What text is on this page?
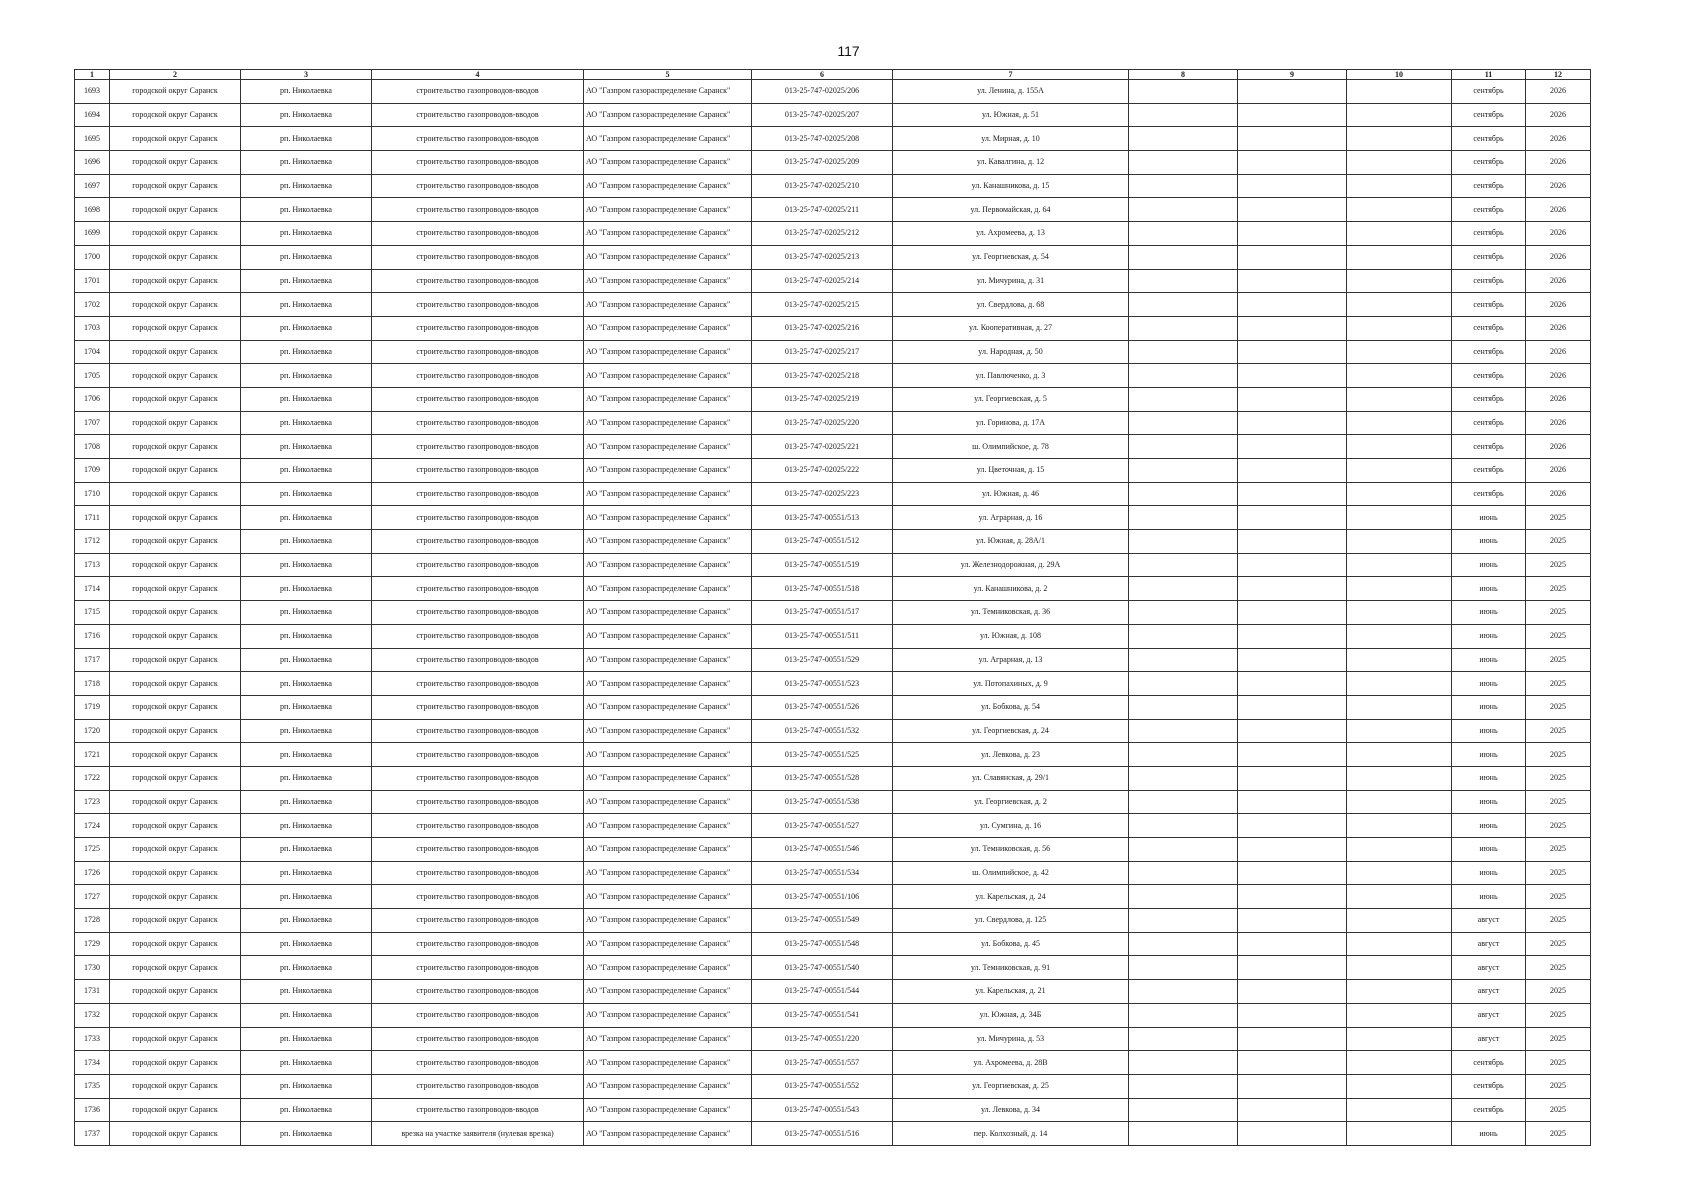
117
1	2	3	4	5	6	7	8	9	10	11	12
1693	городской округ Саранск	рп. Николаевка	строительство газопроводов-вводов	АО "Газпром газораспределение Саранск"	013-25-747-02025/206	ул. Ленина, д. 155А				сентябрь	2026
1694	городской округ Саранск	рп. Николаевка	строительство газопроводов-вводов	АО "Газпром газораспределение Саранск"	013-25-747-02025/207	ул. Южная, д. 51				сентябрь	2026
1695	городской округ Саранск	рп. Николаевка	строительство газопроводов-вводов	АО "Газпром газораспределение Саранск"	013-25-747-02025/208	ул. Мирная, д. 10				сентябрь	2026
1696	городской округ Саранск	рп. Николаевка	строительство газопроводов-вводов	АО "Газпром газораспределение Саранск"	013-25-747-02025/209	ул. Кавалгина, д. 12				сентябрь	2026
1697	городской округ Саранск	рп. Николаевка	строительство газопроводов-вводов	АО "Газпром газораспределение Саранск"	013-25-747-02025/210	ул. Канашникова, д. 15				сентябрь	2026
1698	городской округ Саранск	рп. Николаевка	строительство газопроводов-вводов	АО "Газпром газораспределение Саранск"	013-25-747-02025/211	ул. Первомайская, д. 64				сентябрь	2026
1699	городской округ Саранск	рп. Николаевка	строительство газопроводов-вводов	АО "Газпром газораспределение Саранск"	013-25-747-02025/212	ул. Ахромеева, д. 13				сентябрь	2026
1700	городской округ Саранск	рп. Николаевка	строительство газопроводов-вводов	АО "Газпром газораспределение Саранск"	013-25-747-02025/213	ул. Георгиевская, д. 54				сентябрь	2026
1701	городской округ Саранск	рп. Николаевка	строительство газопроводов-вводов	АО "Газпром газораспределение Саранск"	013-25-747-02025/214	ул. Мичурина, д. 31				сентябрь	2026
1702	городской округ Саранск	рп. Николаевка	строительство газопроводов-вводов	АО "Газпром газораспределение Саранск"	013-25-747-02025/215	ул. Свердлова, д. 68				сентябрь	2026
1703	городской округ Саранск	рп. Николаевка	строительство газопроводов-вводов	АО "Газпром газораспределение Саранск"	013-25-747-02025/216	ул. Кооперативная, д. 27				сентябрь	2026
1704	городской округ Саранск	рп. Николаевка	строительство газопроводов-вводов	АО "Газпром газораспределение Саранск"	013-25-747-02025/217	ул. Народная, д. 50				сентябрь	2026
1705	городской округ Саранск	рп. Николаевка	строительство газопроводов-вводов	АО "Газпром газораспределение Саранск"	013-25-747-02025/218	ул. Павлюченко, д. 3				сентябрь	2026
1706	городской округ Саранск	рп. Николаевка	строительство газопроводов-вводов	АО "Газпром газораспределение Саранск"	013-25-747-02025/219	ул. Георгиевская, д. 5				сентябрь	2026
1707	городской округ Саранск	рп. Николаевка	строительство газопроводов-вводов	АО "Газпром газораспределение Саранск"	013-25-747-02025/220	ул. Горинова, д. 17А				сентябрь	2026
1708	городской округ Саранск	рп. Николаевка	строительство газопроводов-вводов	АО "Газпром газораспределение Саранск"	013-25-747-02025/221	ш. Олимпийское, д. 78				сентябрь	2026
1709	городской округ Саранск	рп. Николаевка	строительство газопроводов-вводов	АО "Газпром газораспределение Саранск"	013-25-747-02025/222	ул. Цветочная, д. 15				сентябрь	2026
1710	городской округ Саранск	рп. Николаевка	строительство газопроводов-вводов	АО "Газпром газораспределение Саранск"	013-25-747-02025/223	ул. Южная, д. 46				сентябрь	2026
1711	городской округ Саранск	рп. Николаевка	строительство газопроводов-вводов	АО "Газпром газораспределение Саранск"	013-25-747-00551/513	ул. Аграрная, д. 16				июнь	2025
1712	городской округ Саранск	рп. Николаевка	строительство газопроводов-вводов	АО "Газпром газораспределение Саранск"	013-25-747-00551/512	ул. Южная, д. 28А/1				июнь	2025
1713	городской округ Саранск	рп. Николаевка	строительство газопроводов-вводов	АО "Газпром газораспределение Саранск"	013-25-747-00551/519	ул. Железнодорожная, д. 29А				июнь	2025
1714	городской округ Саранск	рп. Николаевка	строительство газопроводов-вводов	АО "Газпром газораспределение Саранск"	013-25-747-00551/518	ул. Канашникова, д. 2				июнь	2025
1715	городской округ Саранск	рп. Николаевка	строительство газопроводов-вводов	АО "Газпром газораспределение Саранск"	013-25-747-00551/517	ул. Темниковская, д. 36				июнь	2025
1716	городской округ Саранск	рп. Николаевка	строительство газопроводов-вводов	АО "Газпром газораспределение Саранск"	013-25-747-00551/511	ул. Южная, д. 108				июнь	2025
1717	городской округ Саранск	рп. Николаевка	строительство газопроводов-вводов	АО "Газпром газораспределение Саранск"	013-25-747-00551/529	ул. Аграрная, д. 13				июнь	2025
1718	городской округ Саранск	рп. Николаевка	строительство газопроводов-вводов	АО "Газпром газораспределение Саранск"	013-25-747-00551/523	ул. Потопахиных, д. 9				июнь	2025
1719	городской округ Саранск	рп. Николаевка	строительство газопроводов-вводов	АО "Газпром газораспределение Саранск"	013-25-747-00551/526	ул. Бобкова, д. 54				июнь	2025
1720	городской округ Саранск	рп. Николаевка	строительство газопроводов-вводов	АО "Газпром газораспределение Саранск"	013-25-747-00551/532	ул. Георгиевская, д. 24				июнь	2025
1721	городской округ Саранск	рп. Николаевка	строительство газопроводов-вводов	АО "Газпром газораспределение Саранск"	013-25-747-00551/525	ул. Левкова, д. 23				июнь	2025
1722	городской округ Саранск	рп. Николаевка	строительство газопроводов-вводов	АО "Газпром газораспределение Саранск"	013-25-747-00551/528	ул. Славянская, д. 29/1				июнь	2025
1723	городской округ Саранск	рп. Николаевка	строительство газопроводов-вводов	АО "Газпром газораспределение Саранск"	013-25-747-00551/538	ул. Георгиевская, д. 2				июнь	2025
1724	городской округ Саранск	рп. Николаевка	строительство газопроводов-вводов	АО "Газпром газораспределение Саранск"	013-25-747-00551/527	ул. Сумгина, д. 16				июнь	2025
1725	городской округ Саранск	рп. Николаевка	строительство газопроводов-вводов	АО "Газпром газораспределение Саранск"	013-25-747-00551/546	ул. Темниковская, д. 56				июнь	2025
1726	городской округ Саранск	рп. Николаевка	строительство газопроводов-вводов	АО "Газпром газораспределение Саранск"	013-25-747-00551/534	ш. Олимпийское, д. 42				июнь	2025
1727	городской округ Саранск	рп. Николаевка	строительство газопроводов-вводов	АО "Газпром газораспределение Саранск"	013-25-747-00551/106	ул. Карельская, д. 24				июнь	2025
1728	городской округ Саранск	рп. Николаевка	строительство газопроводов-вводов	АО "Газпром газораспределение Саранск"	013-25-747-00551/549	ул. Свердлова, д. 125				август	2025
1729	городской округ Саранск	рп. Николаевка	строительство газопроводов-вводов	АО "Газпром газораспределение Саранск"	013-25-747-00551/548	ул. Бобкова, д. 45				август	2025
1730	городской округ Саранск	рп. Николаевка	строительство газопроводов-вводов	АО "Газпром газораспределение Саранск"	013-25-747-00551/540	ул. Темниковская, д. 91				август	2025
1731	городской округ Саранск	рп. Николаевка	строительство газопроводов-вводов	АО "Газпром газораспределение Саранск"	013-25-747-00551/544	ул. Карельская, д. 21				август	2025
1732	городской округ Саранск	рп. Николаевка	строительство газопроводов-вводов	АО "Газпром газораспределение Саранск"	013-25-747-00551/541	ул. Южная, д. 34Б				август	2025
1733	городской округ Саранск	рп. Николаевка	строительство газопроводов-вводов	АО "Газпром газораспределение Саранск"	013-25-747-00551/220	ул. Мичурина, д. 53				август	2025
1734	городской округ Саранск	рп. Николаевка	строительство газопроводов-вводов	АО "Газпром газораспределение Саранск"	013-25-747-00551/557	ул. Ахромеева, д. 28В				сентябрь	2025
1735	городской округ Саранск	рп. Николаевка	строительство газопроводов-вводов	АО "Газпром газораспределение Саранск"	013-25-747-00551/552	ул. Георгиевская, д. 25				сентябрь	2025
1736	городской округ Саранск	рп. Николаевка	строительство газопроводов-вводов	АО "Газпром газораспределение Саранск"	013-25-747-00551/543	ул. Левкова, д. 34				сентябрь	2025
1737	городской округ Саранск	рп. Николаевка	врезка на участке заявителя (нулевая врезка)	АО "Газпром газораспределение Саранск"	013-25-747-00551/516	пер. Колхозный, д. 14				июнь	2025
